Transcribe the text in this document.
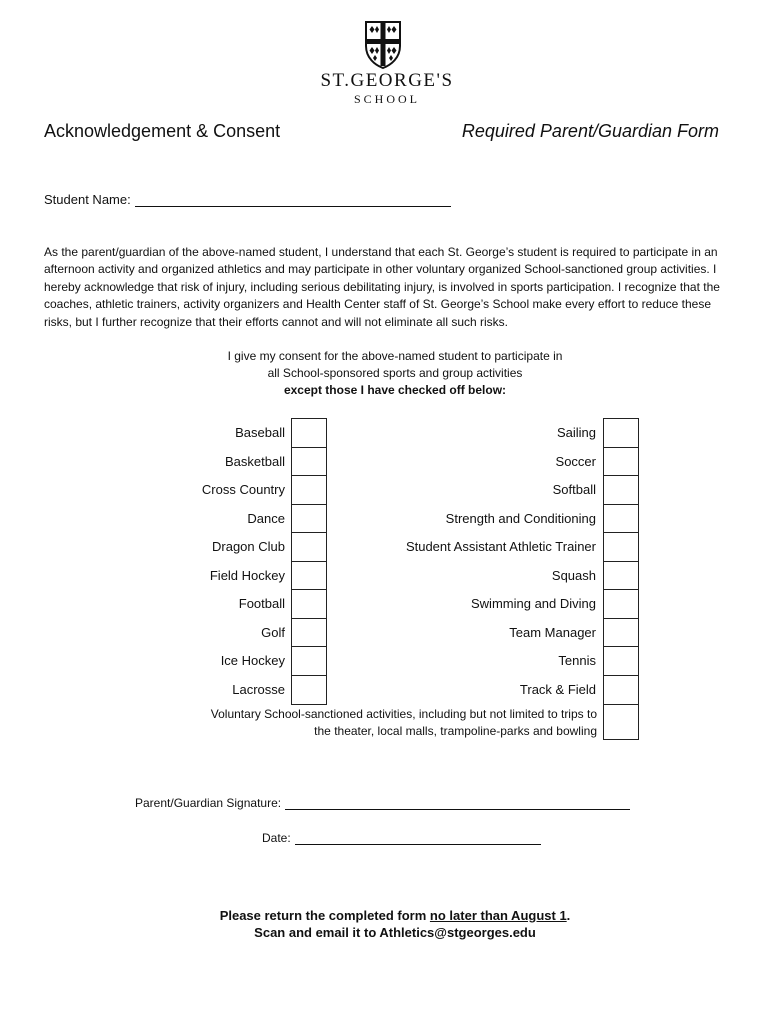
ST.GEORGE'S
SCHOOL
Acknowledgement & Consent	Required Parent/Guardian Form
Student Name:
As the parent/guardian of the above-named student, I understand that each St. George’s student is required to participate in an afternoon activity and organized athletics and may participate in other voluntary organized School-sanctioned group activities. I hereby acknowledge that risk of injury, including serious debilitating injury, is involved in sports participation. I recognize that the coaches, athletic trainers, activity organizers and Health Center staff of St. George’s School make every effort to reduce these risks, but I further recognize that their efforts cannot and will not eliminate all such risks.
I give my consent for the above-named student to participate in
all School-sponsored sports and group activities
except those I have checked off below:
Baseball
Basketball
Cross Country
Dance
Dragon Club
Field Hockey
Football
Golf
Ice Hockey
Lacrosse
Sailing
Soccer
Softball
Strength and Conditioning
Student Assistant Athletic Trainer
Squash
Swimming and Diving
Team Manager
Tennis
Track & Field
Voluntary School-sanctioned activities, including but not limited to trips to
the theater, local malls, trampoline-parks and bowling
Parent/Guardian Signature:
Date:
Please return the completed form no later than August 1.
Scan and email it to Athletics@stgeorges.edu
